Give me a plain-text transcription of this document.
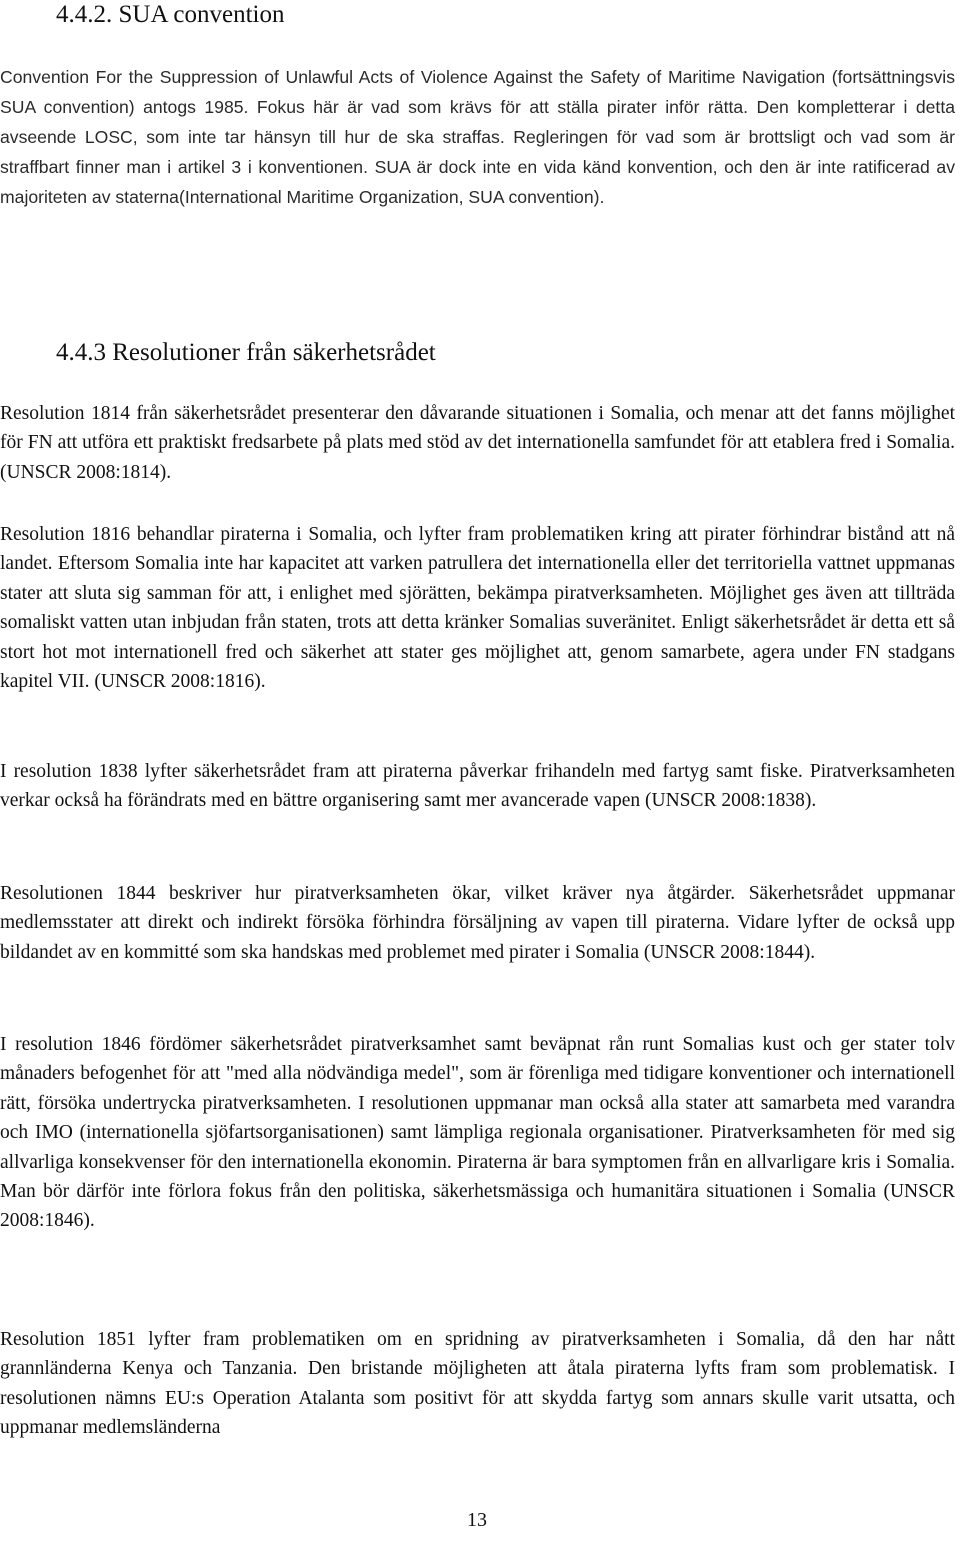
4.4.2. SUA convention

Convention For the Suppression of Unlawful Acts of Violence Against the Safety of Maritime Navigation (fortsättningsvis SUA convention) antogs 1985. Fokus här är vad som krävs för att ställa pirater inför rätta. Den kompletterar i detta avseende LOSC, som inte tar hänsyn till hur de ska straffas. Regleringen för vad som är brottsligt och vad som är straffbart finner man i artikel 3 i konventionen. SUA är dock inte en vida känd konvention, och den är inte ratificerad av majoriteten av staterna(International Maritime Organization, SUA convention).

4.4.3 Resolutioner från säkerhetsrådet

Resolution 1814 från säkerhetsrådet presenterar den dåvarande situationen i Somalia, och menar att det fanns möjlighet för FN att utföra ett praktiskt fredsarbete på plats med stöd av det internationella samfundet för att etablera fred i Somalia. (UNSCR 2008:1814).

Resolution 1816 behandlar piraterna i Somalia, och lyfter fram problematiken kring att pirater förhindrar bistånd att nå landet. Eftersom Somalia inte har kapacitet att varken patrullera det internationella eller det territoriella vattnet uppmanas stater att sluta sig samman för att, i enlighet med sjörätten, bekämpa piratverksamheten. Möjlighet ges även att tillträda somaliskt vatten utan inbjudan från staten, trots att detta kränker Somalias suveränitet. Enligt säkerhetsrådet är detta ett så stort hot mot internationell fred och säkerhet att stater ges möjlighet att, genom samarbete, agera under FN stadgans kapitel VII. (UNSCR 2008:1816).

I resolution 1838 lyfter säkerhetsrådet fram att piraterna påverkar frihandeln med fartyg samt fiske. Piratverksamheten verkar också ha förändrats med en bättre organisering samt mer avancerade vapen (UNSCR 2008:1838).

Resolutionen 1844 beskriver hur piratverksamheten ökar, vilket kräver nya åtgärder. Säkerhetsrådet uppmanar medlemsstater att direkt och indirekt försöka förhindra försäljning av vapen till piraterna. Vidare lyfter de också upp bildandet av en kommitté som ska handskas med problemet med pirater i Somalia (UNSCR 2008:1844).

I resolution 1846 fördömer säkerhetsrådet piratverksamhet samt beväpnat rån runt Somalias kust och ger stater tolv månaders befogenhet för att "med alla nödvändiga medel", som är förenliga med tidigare konventioner och internationell rätt, försöka undertrycka piratverksamheten. I resolutionen uppmanar man också alla stater att samarbeta med varandra och IMO (internationella sjöfartsorganisationen) samt lämpliga regionala organisationer. Piratverksamheten för med sig allvarliga konsekvenser för den internationella ekonomin. Piraterna är bara symptomen från en allvarligare kris i Somalia. Man bör därför inte förlora fokus från den politiska, säkerhetsmässiga och humanitära situationen i Somalia (UNSCR 2008:1846).

Resolution 1851 lyfter fram problematiken om en spridning av piratverksamheten i Somalia, då den har nått grannländerna Kenya och Tanzania. Den bristande möjligheten att åtala piraterna lyfts fram som problematisk. I resolutionen nämns EU:s Operation Atalanta som positivt för att skydda fartyg som annars skulle varit utsatta, och uppmanar medlemsländerna

13
